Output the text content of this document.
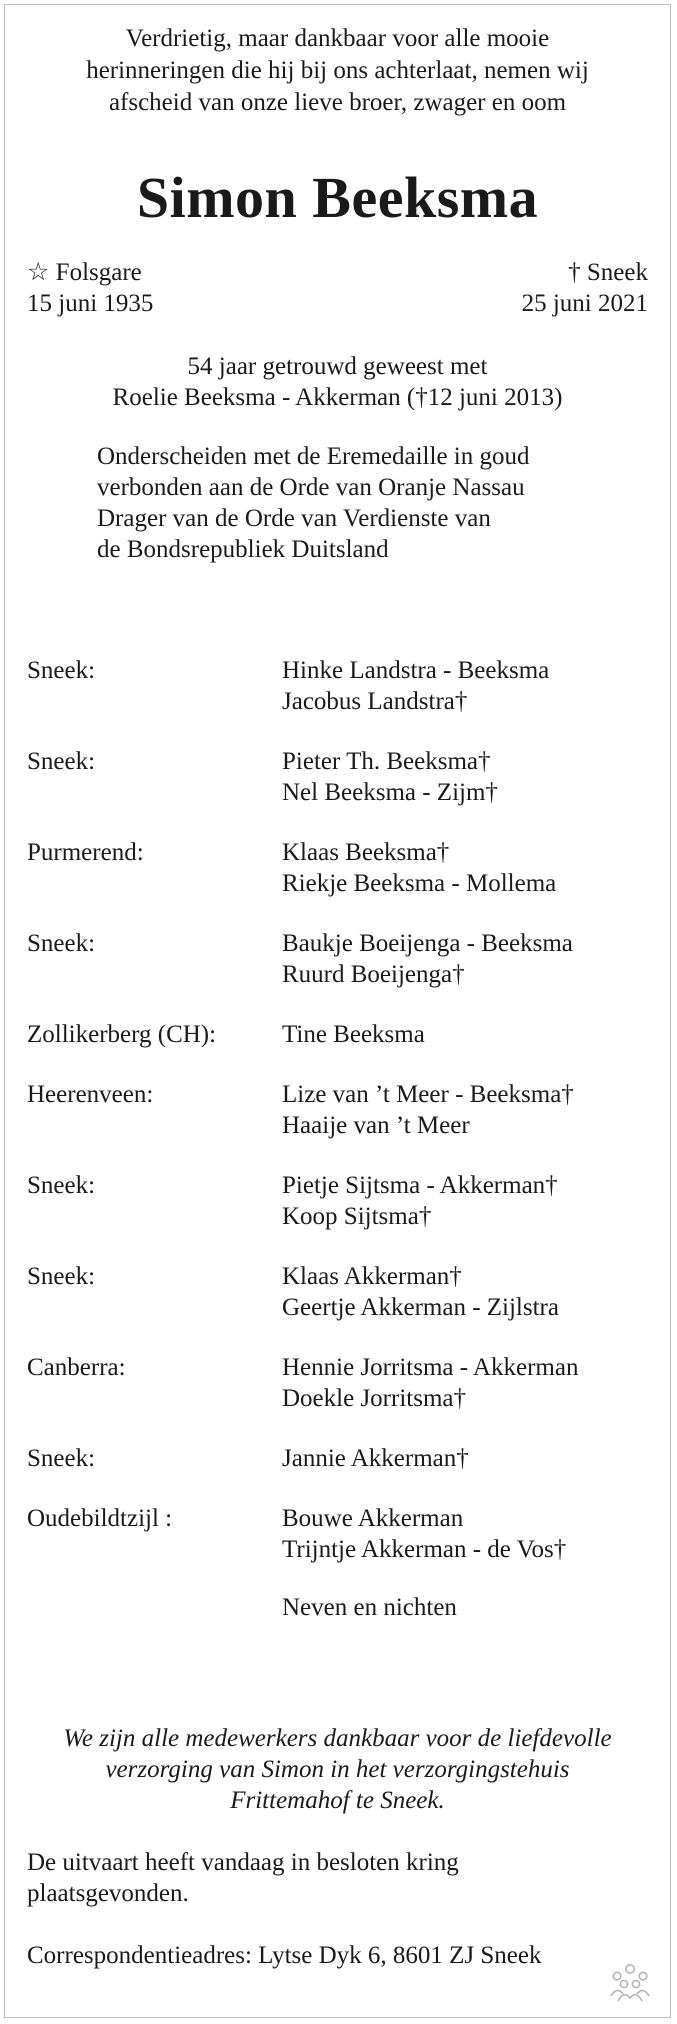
Verdrietig, maar dankbaar voor alle mooie
herinneringen die hij bij ons achterlaat, nemen wij
afscheid van onze lieve broer, zwager en oom
Simon Beeksma
☆ Folsgare
15 juni 1935
† Sneek
25 juni 2021
54 jaar getrouwd geweest met
Roelie Beeksma - Akkerman (†12 juni 2013)
Onderscheiden met de Eremedaille in goud
verbonden aan de Orde van Oranje Nassau
Drager van de Orde van Verdienste van
de Bondsrepubliek Duitsland
Sneek:	Hinke Landstra - Beeksma
Jacobus Landstra†
Sneek:	Pieter Th. Beeksma†
Nel Beeksma - Zijm†
Purmerend:	Klaas Beeksma†
Riekje Beeksma - Mollema
Sneek:	Baukje Boeijenga - Beeksma
Ruurd Boeijenga†
Zollikerberg (CH):	Tine Beeksma
Heerenveen:	Lize van ’t Meer - Beeksma†
Haaije van ’t Meer
Sneek:	Pietje Sijtsma - Akkerman†
Koop Sijtsma†
Sneek:	Klaas Akkerman†
Geertje Akkerman - Zijlstra
Canberra:	Hennie Jorritsma - Akkerman
Doekle Jorritsma†
Sneek:	Jannie Akkerman†
Oudebildtzijl :	Bouwe Akkerman
Trijntje Akkerman - de Vos†
Neven en nichten
We zijn alle medewerkers dankbaar voor de liefdevolle
verzorging van Simon in het verzorgingstehuis
Frittemahof te Sneek.
De uitvaart heeft vandaag in besloten kring
plaatsgevonden.
Correspondentieadres: Lytse Dyk 6, 8601 ZJ Sneek
